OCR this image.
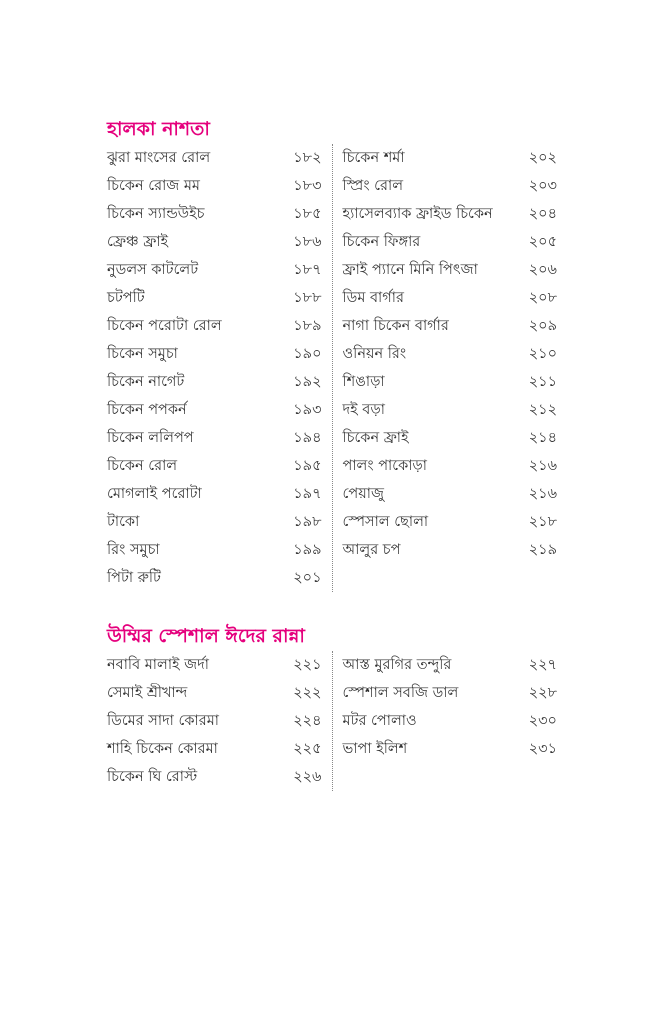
হালকা নাশতা
ঝুরা মাংসের রোল	১৮২
চিকেন রোজ মম	১৮৩
চিকেন স্যান্ডউইচ	১৮৫
ফ্রেঞ্চ ফ্রাই	১৮৬
নুডলস কাটলেট	১৮৭
চটপটি	১৮৮
চিকেন পরোটা রোল	১৮৯
চিকেন সমুচা	১৯০
চিকেন নাগেট	১৯২
চিকেন পপকর্ন	১৯৩
চিকেন ললিপপ	১৯৪
চিকেন রোল	১৯৫
মোগলাই পরোটা	১৯৭
টাকো	১৯৮
রিং সমুচা	১৯৯
পিটা রুটি	২০১
চিকেন শর্মা	২০২
স্প্রিং রোল	২০৩
হ্যাসেলব্যাক ফ্রাইড চিকেন ২০৪
চিকেন ফিঙ্গার	২০৫
ফ্রাই প্যানে মিনি পিৎজা	২০৬
ডিম বার্গার	২০৮
নাগা চিকেন বার্গার	২০৯
ওনিয়ন রিং	২১০
শিঙাড়া	২১১
দই বড়া	২১২
চিকেন ফ্রাই	২১৪
পালং পাকোড়া	২১৬
পেয়াজু	২১৬
স্পেসাল ছোলা	২১৮
আলুর চপ	২১৯
উম্মির স্পেশাল ঈদের রান্না
নবাবি মালাই জর্দা	২২১
সেমাই শ্রীখান্দ	২২২
ডিমের সাদা কোরমা	২২৪
শাহি চিকেন কোরমা	২২৫
চিকেন ঘি রোস্ট	২২৬
আস্ত মুরগির তন্দুরি	২২৭
স্পেশাল সবজি ডাল	২২৮
মটর পোলাও	২৩০
ভাপা ইলিশ	২৩১
